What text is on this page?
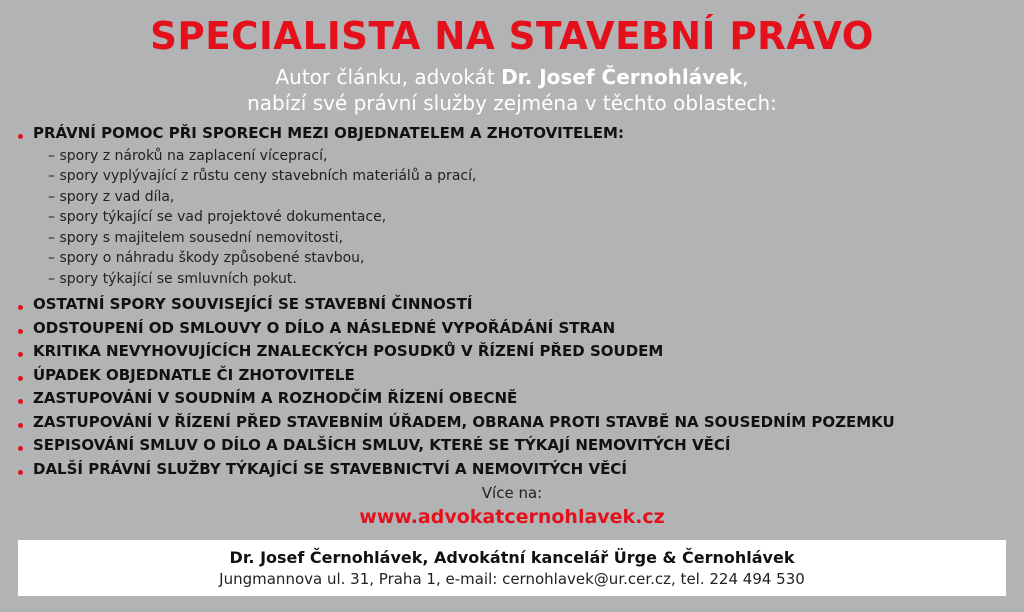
SPECIALISTA NA STAVEBNÍ PRÁVO
Autor článku, advokát Dr. Josef Černohlávek,
nabízí své právní služby zejména v těchto oblastech:
PRÁVNÍ POMOC PŘI SPORECH MEZI OBJEDNATELEM A ZHOTOVITELEM:
– spory z nároků na zaplacení víceprací,
– spory vyplývající z růstu ceny stavebních materiálů a prací,
– spory z vad díla,
– spory týkající se vad projektové dokumentace,
– spory s majitelem sousední nemovitosti,
– spory o náhradu škody způsobené stavbou,
– spory týkající se smluvních pokut.
OSTATNÍ SPORY SOUVISEJÍCÍ SE STAVEBNÍ ČINNOSTÍ
ODSTOUPENÍ OD SMLOUVY O DÍLO A NÁSLEDNÉ VYPOŘÁDÁNÍ STRAN
KRITIKA NEVYHOVUJÍCÍCH ZNALECKÝCH POSUDKŮ V ŘÍZENÍ PŘED SOUDEM
ÚPADEK OBJEDNATLE ČI ZHOTOVITELE
ZASTUPOVÁNÍ V SOUDNÍM A ROZHODČÍM ŘÍZENÍ OBECNĚ
ZASTUPOVÁNÍ V ŘÍZENÍ PŘED STAVEBNÍM ÚŘADEM, OBRANA PROTI STAVBĚ NA SOUSEDNÍM POZEMKU
SEPISOVÁNÍ SMLUV O DÍLO A DALŠÍCH SMLUV, KTERÉ SE TÝKAJÍ NEMOVITÝCH VĚCÍ
DALŠÍ PRÁVNÍ SLUŽBY TÝKAJÍCÍ SE STAVEBNICTVÍ A NEMOVITÝCH VĚCÍ
Více na:
www.advokatcernohlavek.cz
Dr. Josef Černohlávek, Advokátní kancelář Ürge & Černohlávek
Jungmannova ul. 31, Praha 1, e-mail: cernohlavek@ur.cer.cz, tel. 224 494 530
